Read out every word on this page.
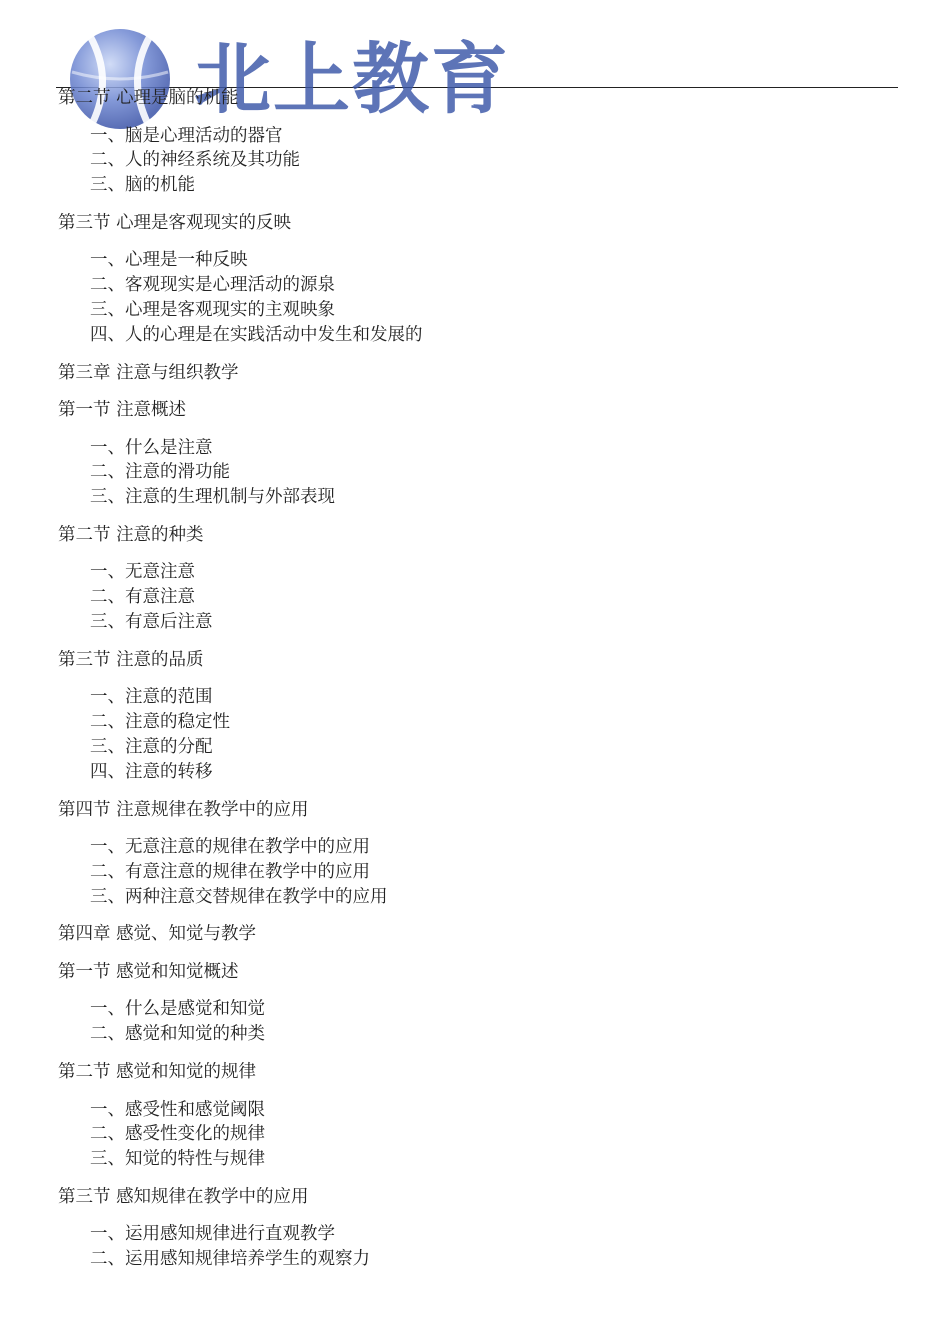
北上教育
第二节 心理是脑的机能
一、脑是心理活动的器官
二、人的神经系统及其功能
三、脑的机能
第三节 心理是客观现实的反映
一、心理是一种反映
二、客观现实是心理活动的源泉
三、心理是客观现实的主观映象
四、人的心理是在实践活动中发生和发展的
第三章 注意与组织教学
第一节 注意概述
一、什么是注意
二、注意的滑功能
三、注意的生理机制与外部表现
第二节 注意的种类
一、无意注意
二、有意注意
三、有意后注意
第三节 注意的品质
一、注意的范围
二、注意的稳定性
三、注意的分配
四、注意的转移
第四节 注意规律在教学中的应用
一、无意注意的规律在教学中的应用
二、有意注意的规律在教学中的应用
三、两种注意交替规律在教学中的应用
第四章 感觉、知觉与教学
第一节 感觉和知觉概述
一、什么是感觉和知觉
二、感觉和知觉的种类
第二节 感觉和知觉的规律
一、感受性和感觉阈限
二、感受性变化的规律
三、知觉的特性与规律
第三节 感知规律在教学中的应用
一、运用感知规律进行直观教学
二、运用感知规律培养学生的观察力
